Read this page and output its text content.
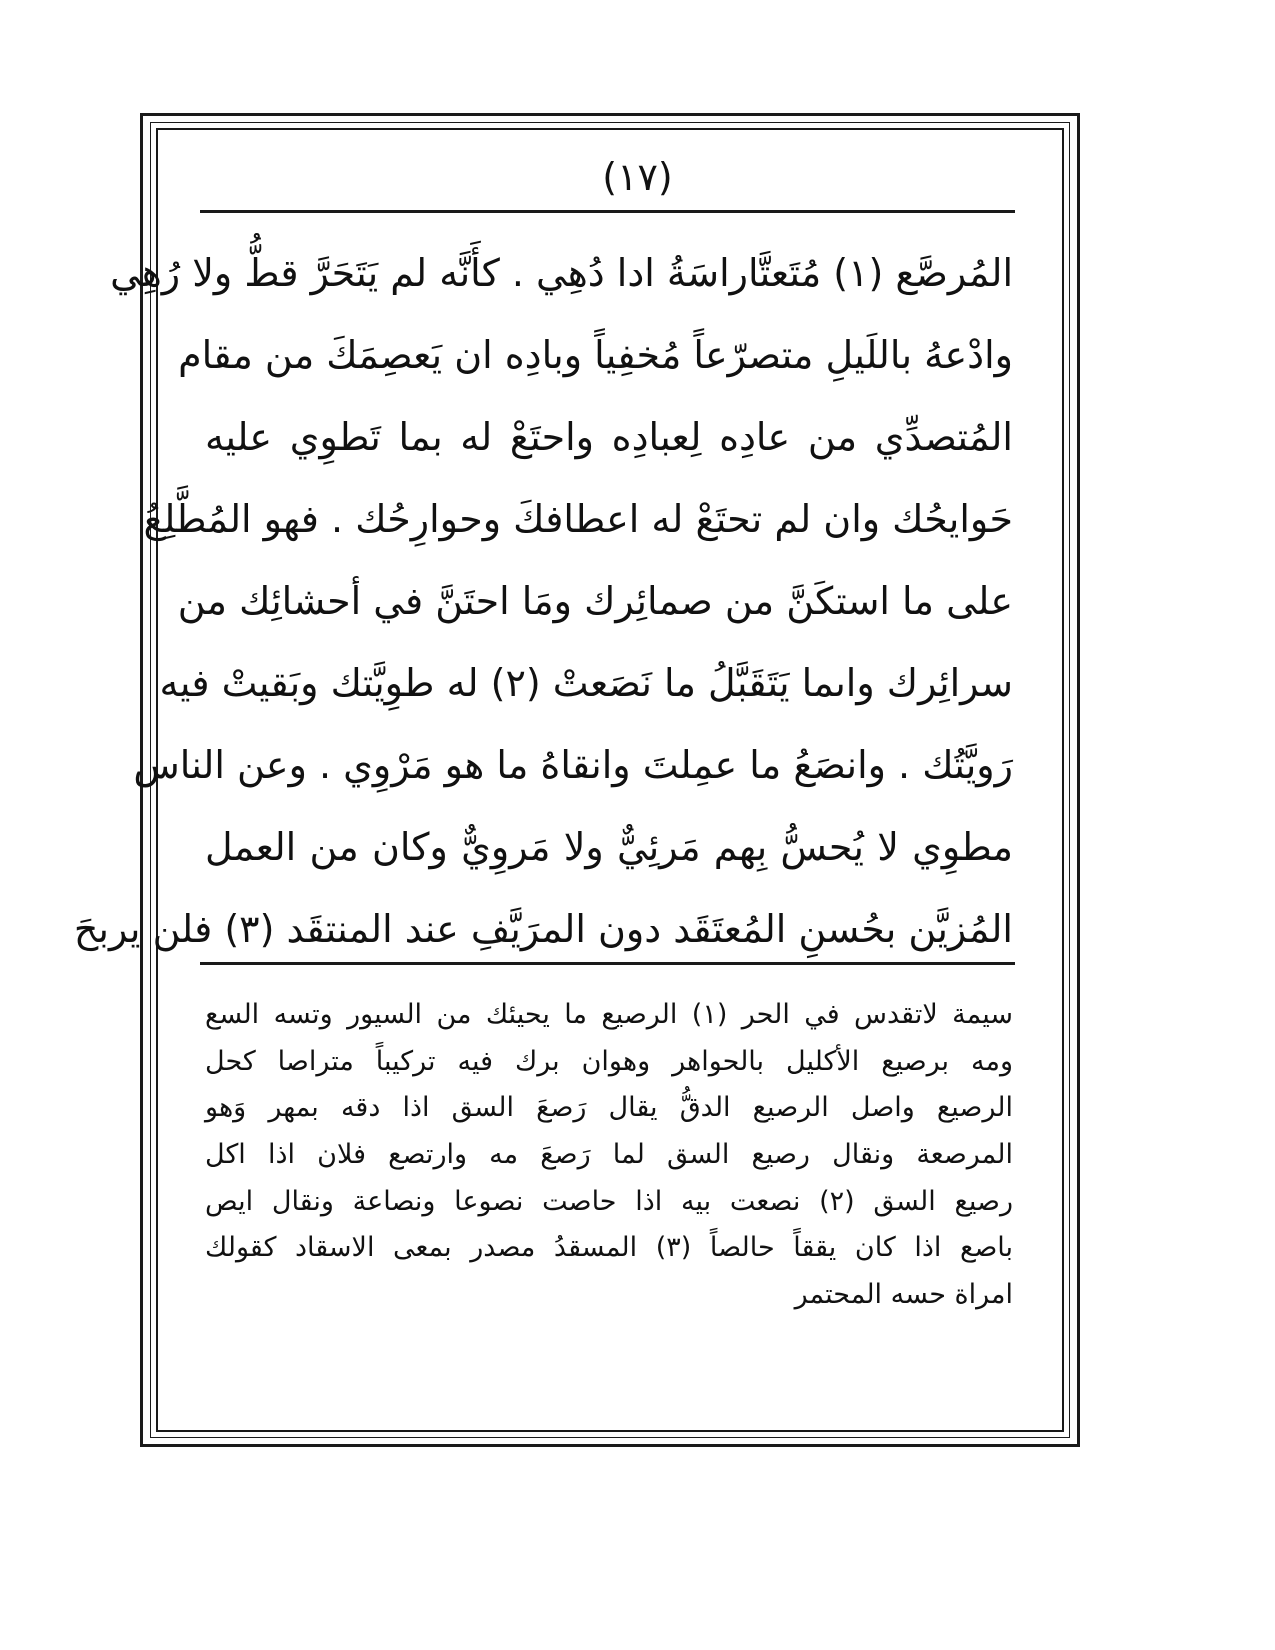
(١٧)
المُرصَّع (١) مُتَعتَّاراسَةُ ادا دُهِي . كأَنَّه لم يَتَحَرَّ قطُّ ولا رُهِي
وادْعهُ باللَيلِ متصرّعاً مُخفِياً وبادِه ان يَعصِمَكَ من مقام
المُتصدِّي من عادِه لِعبادِه واحتَعْ له بما تَطوِي عليه
حَوايحُك وان لم تحتَعْ له اعطافكَ وحوارِحُك . فهو المُطَّلِعُ
على ما استكَنَّ من صمائِرك ومَا احتَنَّ في أحشائِك من
سرائِرك واىما يَتَقَبَّلُ ما نَصَعتْ (٢) له طوِيَّتك وبَقيتْ فيه
رَويَّتُك . وانصَعُ ما عمِلتَ وانقاهُ ما هو مَرْوِي . وعن الناس
مطوِي لا يُحسُّ بِهم مَرئِيٌّ ولا مَروِيٌّ وكان من العمل
المُزيَّن بحُسنِ المُعتَقَد دون المرَيَّفِ عند المنتقَد (٣) فلن يربحَ
سيمة لاتقدس في الحر (١) الرصيع ما يحيئك من السيور وتسه السع
ومه برصيع الأكليل بالحواهر وهوان برك فيه تركيباً متراصا كحل
الرصيع واصل الرصيع الدقُّ يقال رَصعَ السق اذا دقه بمهر وَهو
المرصعة ونقال رصيع السق لما رَصعَ مه وارتصع فلان اذا اكل
رصيع السق (٢) نصعت بيه اذا حاصت نصوعا ونصاعة ونقال ايص
باصع اذا كان يققاً حالصاً (٣) المسقدُ مصدر بمعى الاسقاد كقولك
امراة حسه المحتمر
